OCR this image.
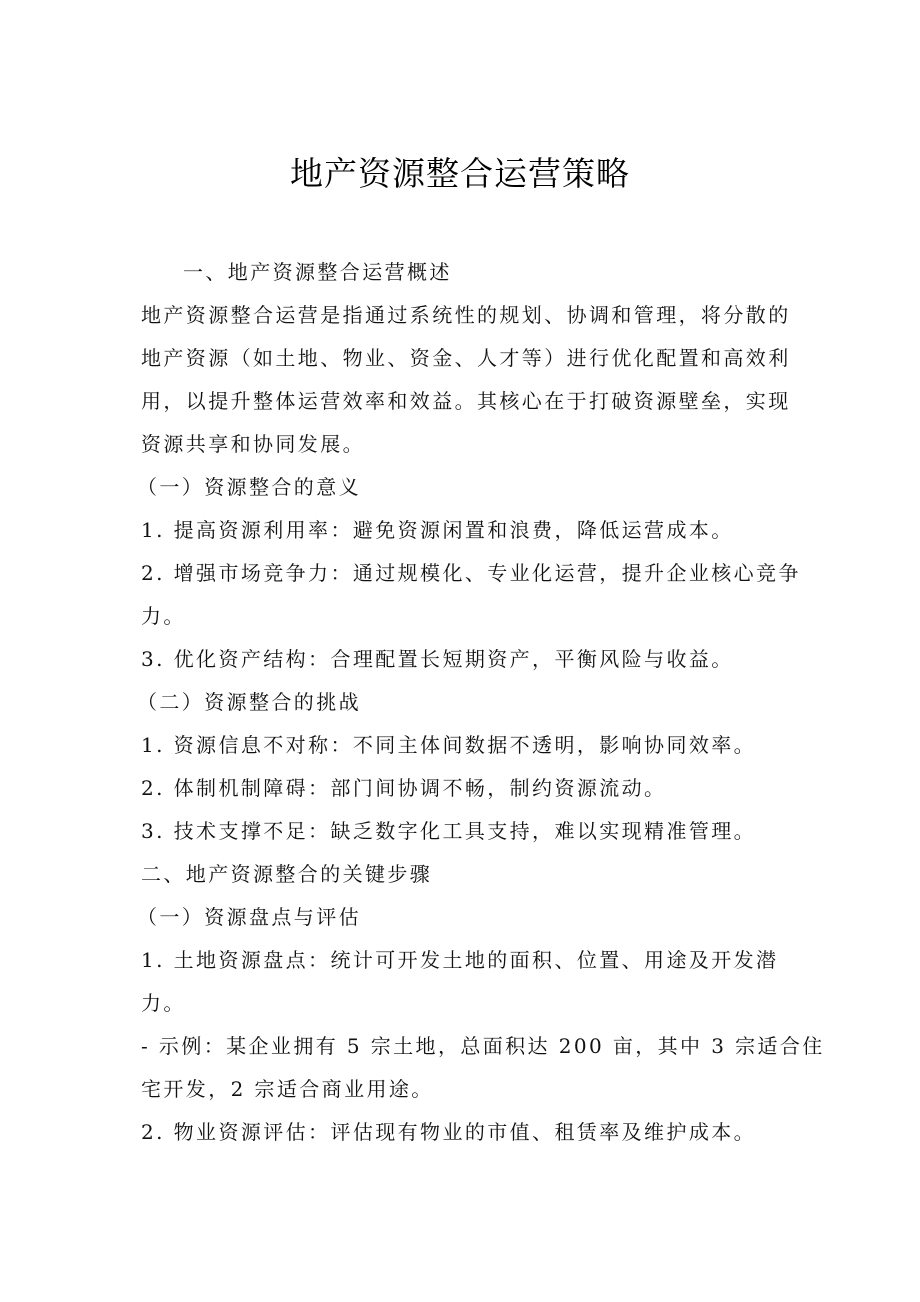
地产资源整合运营策略

一、地产资源整合运营概述

地产资源整合运营是指通过系统性的规划、协调和管理，将分散的

地产资源（如土地、物业、资金、人才等）进行优化配置和高效利

用，以提升整体运营效率和效益。其核心在于打破资源壁垒，实现

资源共享和协同发展。

（一）资源整合的意义

1. 提高资源利用率：避免资源闲置和浪费，降低运营成本。

2. 增强市场竞争力：通过规模化、专业化运营，提升企业核心竞争

力。

3. 优化资产结构：合理配置长短期资产，平衡风险与收益。

（二）资源整合的挑战

1. 资源信息不对称：不同主体间数据不透明，影响协同效率。

2. 体制机制障碍：部门间协调不畅，制约资源流动。

3. 技术支撑不足：缺乏数字化工具支持，难以实现精准管理。

二、地产资源整合的关键步骤

（一）资源盘点与评估

1. 土地资源盘点：统计可开发土地的面积、位置、用途及开发潜

力。

- 示例：某企业拥有 5 宗土地，总面积达 200 亩，其中 3 宗适合住

宅开发，2 宗适合商业用途。

2. 物业资源评估：评估现有物业的市值、租赁率及维护成本。
